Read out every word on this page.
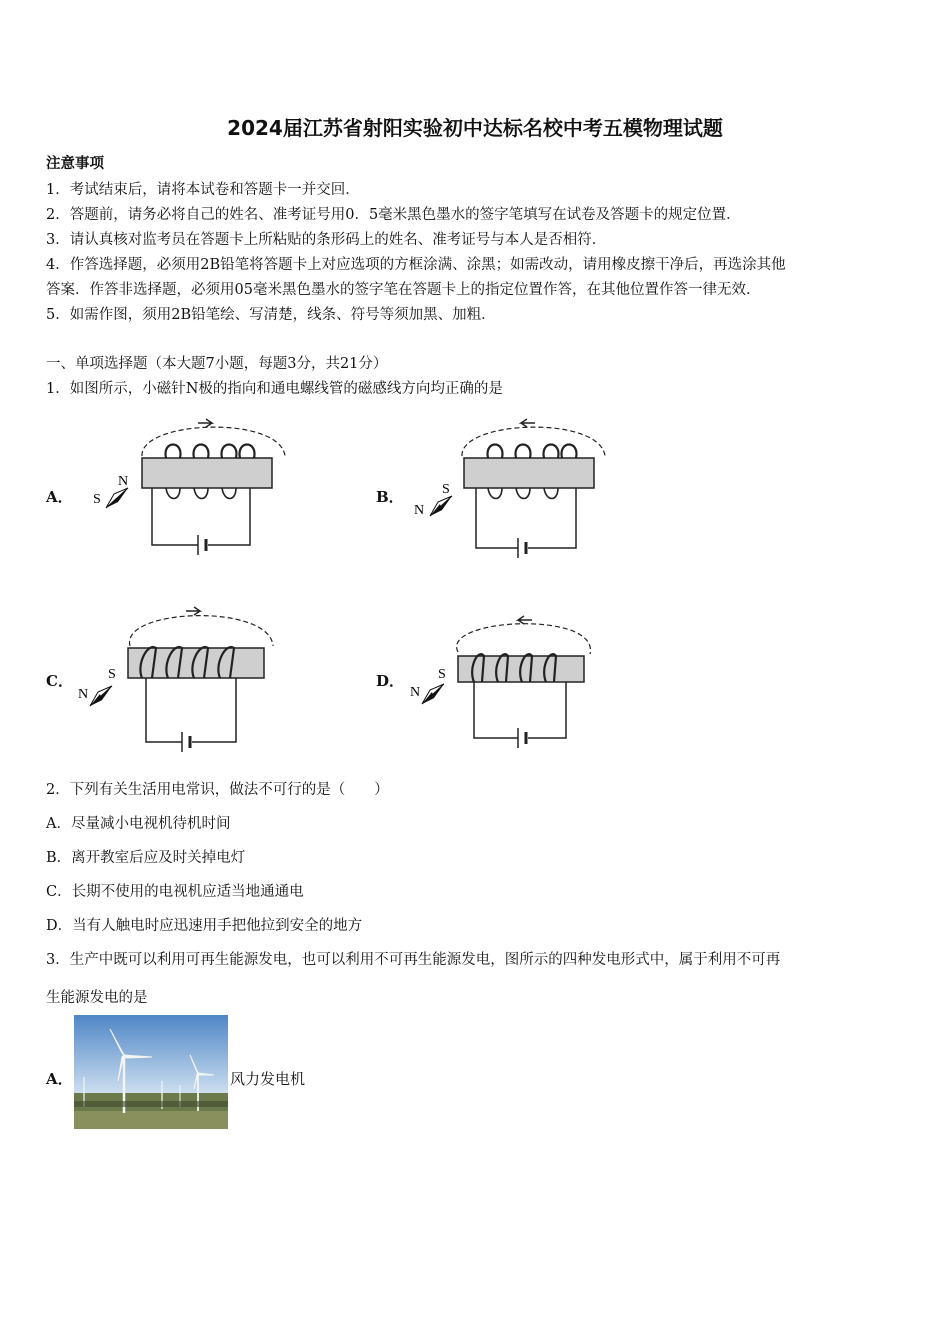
2024届江苏省射阳实验初中达标名校中考五模物理试题
注意事项
1．考试结束后，请将本试卷和答题卡一并交回．
2．答题前，请务必将自己的姓名、准考证号用0．5毫米黑色墨水的签字笔填写在试卷及答题卡的规定位置．
3．请认真核对监考员在答题卡上所粘贴的条形码上的姓名、准考证号与本人是否相符．
4．作答选择题，必须用2B铅笔将答题卡上对应选项的方框涂满、涂黑；如需改动，请用橡皮擦干净后，再选涂其他
答案．作答非选择题，必须用05毫米黑色墨水的签字笔在答题卡上的指定位置作答，在其他位置作答一律无效．
5．如需作图，须用2B铅笔绘、写清楚，线条、符号等须加黑、加粗．
一、单项选择题（本大题7小题，每题3分，共21分）
1．如图所示，小磁针N极的指向和通电螺线管的磁感线方向均正确的是
A．
N
S	B．	S
N
C．	S
N
D． S
N
2．下列有关生活用电常识，做法不可行的是（　　）
A．尽量减小电视机待机时间
B．离开教室后应及时关掉电灯
C．长期不使用的电视机应适当地通通电
D．当有人触电时应迅速用手把他拉到安全的地方
3．生产中既可以利用可再生能源发电，也可以利用不可再生能源发电，图所示的四种发电形式中，属于利用不可再
生能源发电的是
A．	风力发电机
